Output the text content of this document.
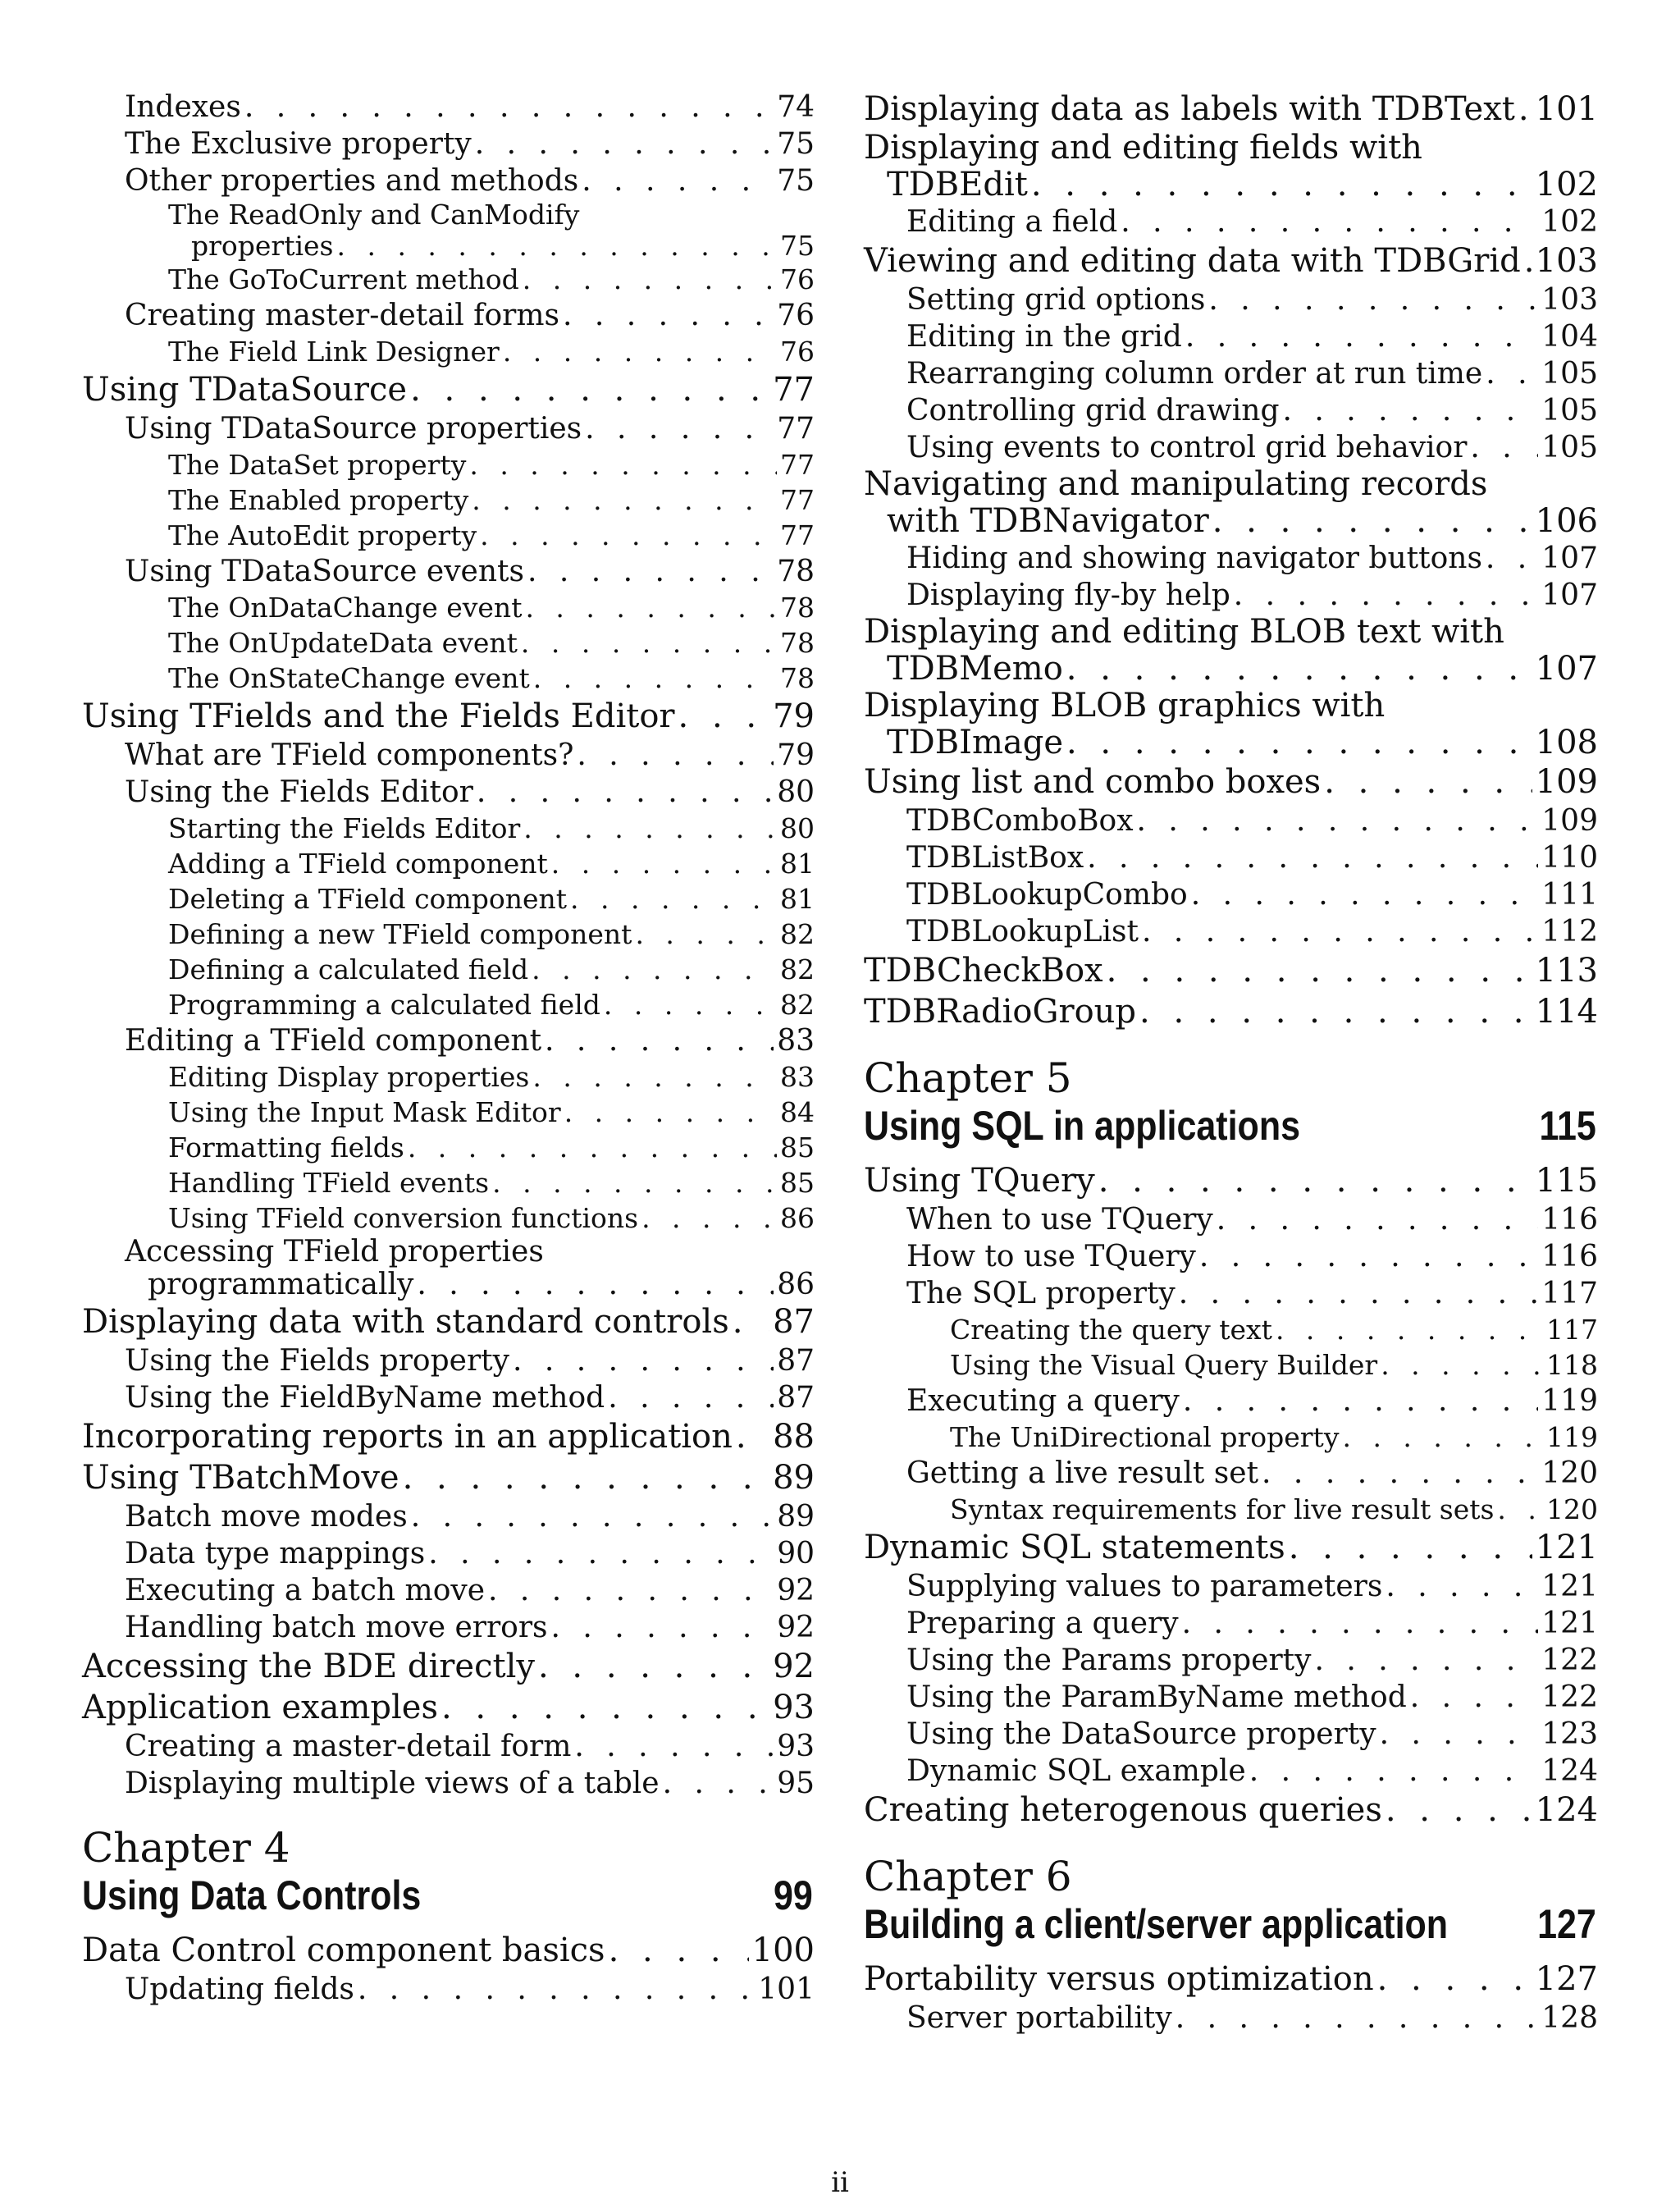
Indexes . . .	74
The Exclusive property . . .	75
Other properties and methods . . .	75
The ReadOnly and CanModify
properties . . .	75
The GoToCurrent method . . .	76
Creating master-detail forms . . .	76
The Field Link Designer . . .	76
Using TDataSource . . .	77
Using TDataSource properties . . .	77
The DataSet property . . .	77
The Enabled property . . .	77
The AutoEdit property . . .	77
Using TDataSource events . . .	78
The OnDataChange event . . .	78
The OnUpdateData event . . .	78
The OnStateChange event . . .	78
Using TFields and the Fields Editor . . .	79
What are TField components? . . .	79
Using the Fields Editor . . .	80
Starting the Fields Editor . . .	80
Adding a TField component . . .	81
Deleting a TField component . . .	81
Defining a new TField component . . .	82
Defining a calculated field . . .	82
Programming a calculated field . . .	82
Editing a TField component . . .	83
Editing Display properties . . .	83
Using the Input Mask Editor . . .	84
Formatting fields . . .	85
Handling TField events . . .	85
Using TField conversion functions . . .	86
Accessing TField properties
programmatically . . .	86
Displaying data with standard controls . . . 87
Using the Fields property . . .	87
Using the FieldByName method . . .	87
Incorporating reports in an application . . . 88
Using TBatchMove . . .	89
Batch move modes . . .	89
Data type mappings . . .	90
Executing a batch move . . .	92
Handling batch move errors . . .	92
Accessing the BDE directly . . .	92
Application examples . . .	93
Creating a master-detail form . . .	93
Displaying multiple views of a table . . .	95
Chapter 4
Using Data Controls	99
Data Control component basics . . .	100
Updating fields . . .	101
Displaying data as labels with TDBText . . . 101
Displaying and editing fields with
TDBEdit . . .	102
Editing a field . . .	102
Viewing and editing data with TDBGrid . . . 103
Setting grid options . . .	103
Editing in the grid . . .	104
Rearranging column order at run time . . . 105
Controlling grid drawing . . .	105
Using events to control grid behavior . . .	105
Navigating and manipulating records
with TDBNavigator . . .	106
Hiding and showing navigator buttons . . . 107
Displaying fly-by help . . .	107
Displaying and editing BLOB text with
TDBMemo . . .	107
Displaying BLOB graphics with
TDBImage . . .	108
Using list and combo boxes . . .	109
TDBComboBox . . .	109
TDBListBox . . .	110
TDBLookupCombo . . .	111
TDBLookupList . . .	112
TDBCheckBox . . .	113
TDBRadioGroup . . .	114
Chapter 5
Using SQL in applications	115
Using TQuery . . .	115
When to use TQuery . . .	116
How to use TQuery . . .	116
The SQL property . . .	117
Creating the query text . . .	117
Using the Visual Query Builder . . .	118
Executing a query . . .	119
The UniDirectional property . . .	119
Getting a live result set . . .	120
Syntax requirements for live result sets . . . 120
Dynamic SQL statements . . .	121
Supplying values to parameters . . .	121
Preparing a query . . .	121
Using the Params property . . .	122
Using the ParamByName method . . .	122
Using the DataSource property . . .	123
Dynamic SQL example . . .	124
Creating heterogenous queries . . .	124
Chapter 6
Building a client/server application 127
Portability versus optimization . . .	127
Server portability . . .	128
ii
